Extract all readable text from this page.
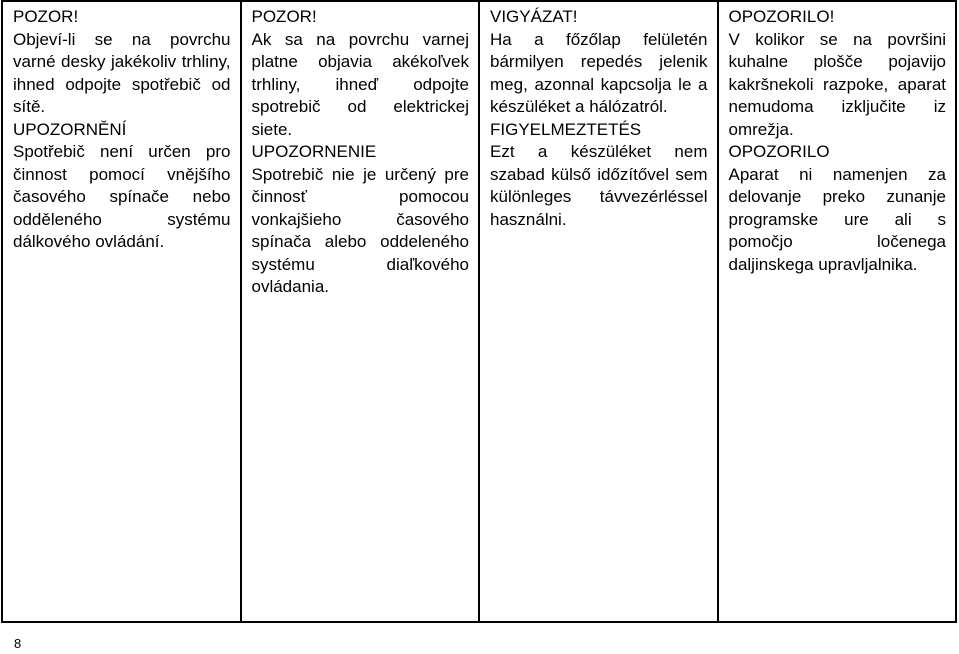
POZOR!
Objeví-li se na povrchu varné desky jakékoliv trhliny, ihned odpojte spotřebič od sítě.
UPOZORNĚNÍ
Spotřebič není určen pro činnost pomocí vnějšího časového spínače nebo odděleného systému dálkového ovládání.

POZOR!
Ak sa na povrchu varnej platne objavia akékoľvek trhliny, ihneď odpojte spotrebič od elektrickej siete.
UPOZORNENIE
Spotrebič nie je určený pre činnosť pomocou vonkajšieho časového spínača alebo oddeleného systému diaľkového ovládania.

VIGYÁZAT!
Ha a főzőlap felületén bármilyen repedés jelenik meg, azonnal kapcsolja le a készüléket a hálózatról.
FIGYELMEZTETÉS
Ezt a készüléket nem szabad külső időzítővel sem különleges távvezérléssel használni.

OPOZORILO!
V kolikor se na površini kuhalne plošče pojavijo kakršnekoli razpoke, aparat nemudoma izključite iz omrežja.
OPOZORILO
Aparat ni namenjen za delovanje preko zunanje programske ure ali s pomočjo ločenega daljinskega upravljalnika.
8
